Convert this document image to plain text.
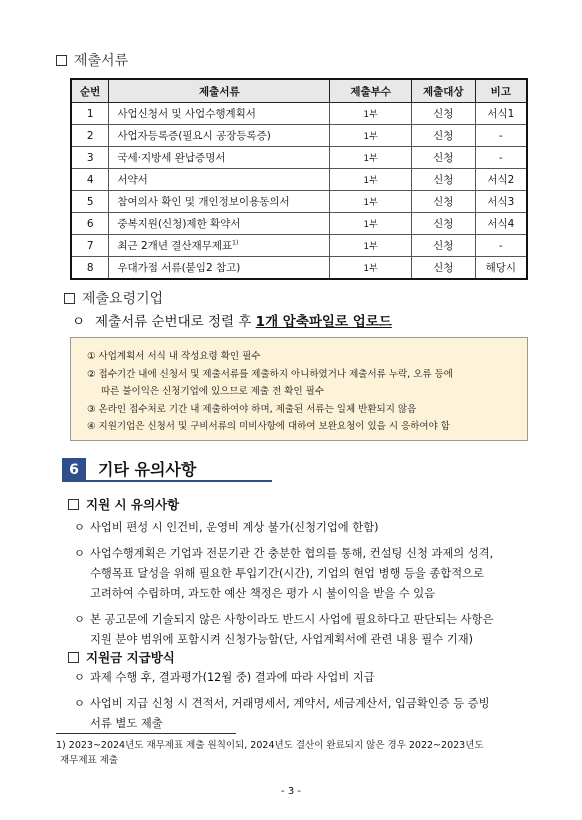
제출서류
순번	제출서류	제출부수	제출대상	비고
1	사업신청서 및 사업수행계획서	1부	신청	서식1
2	사업자등록증(필요시 공장등록증)	1부	신청	-
3	국세·지방세 완납증명서	1부	신청	-
4	서약서	1부	신청	서식2
5	참여의사 확인 및 개인정보이용동의서	1부	신청	서식3
6	중복지원(신청)제한 확약서	1부	신청	서식4
7	최근 2개년 결산재무제표$^{1)}$	1부	신청	-
8	우대가점 서류(붙임2 참고)	1부	신청	해당시
제출요령기업
ㅇ 제출서류 순번대로 정렬 후 1개 압축파일로 업로드
① 사업계획서 서식 내 작성요령 확인 필수
② 접수기간 내에 신청서 및 제출서류를 제출하지 아니하였거나 제출서류 누락, 오류 등에
따른 불이익은 신청기업에 있으므로 제출 전 확인 필수
③ 온라인 접수처로 기간 내 제출하여야 하며, 제출된 서류는 일체 반환되지 않음
④ 지원기업은 신청서 및 구비서류의 미비사항에 대하여 보완요청이 있을 시 응하여야 함
6	기타 유의사항
지원 시 유의사항
ㅇ 사업비 편성 시 인건비, 운영비 계상 불가(신청기업에 한함)
ㅇ 사업수행계획은 기업과 전문기관 간 충분한 협의를 통해, 컨설팅 신청 과제의 성격,
수행목표 달성을 위해 필요한 투입기간(시간), 기업의 현업 병행 등을 종합적으로
고려하여 수립하며, 과도한 예산 책정은 평가 시 불이익을 받을 수 있음
ㅇ 본 공고문에 기술되지 않은 사항이라도 반드시 사업에 필요하다고 판단되는 사항은
지원 분야 범위에 포함시켜 신청가능함(단, 사업계획서에 관련 내용 필수 기재)
지원금 지급방식
ㅇ 과제 수행 후, 결과평가(12월 중) 결과에 따라 사업비 지급
ㅇ 사업비 지급 신청 시 견적서, 거래명세서, 계약서, 세금계산서, 입금확인증 등 증빙
서류 별도 제출
1) 2023~2024년도 재무제표 제출 원칙이되, 2024년도 결산이 완료되지 않은 경우 2022~2023년도
재무제표 제출
- 3 -
